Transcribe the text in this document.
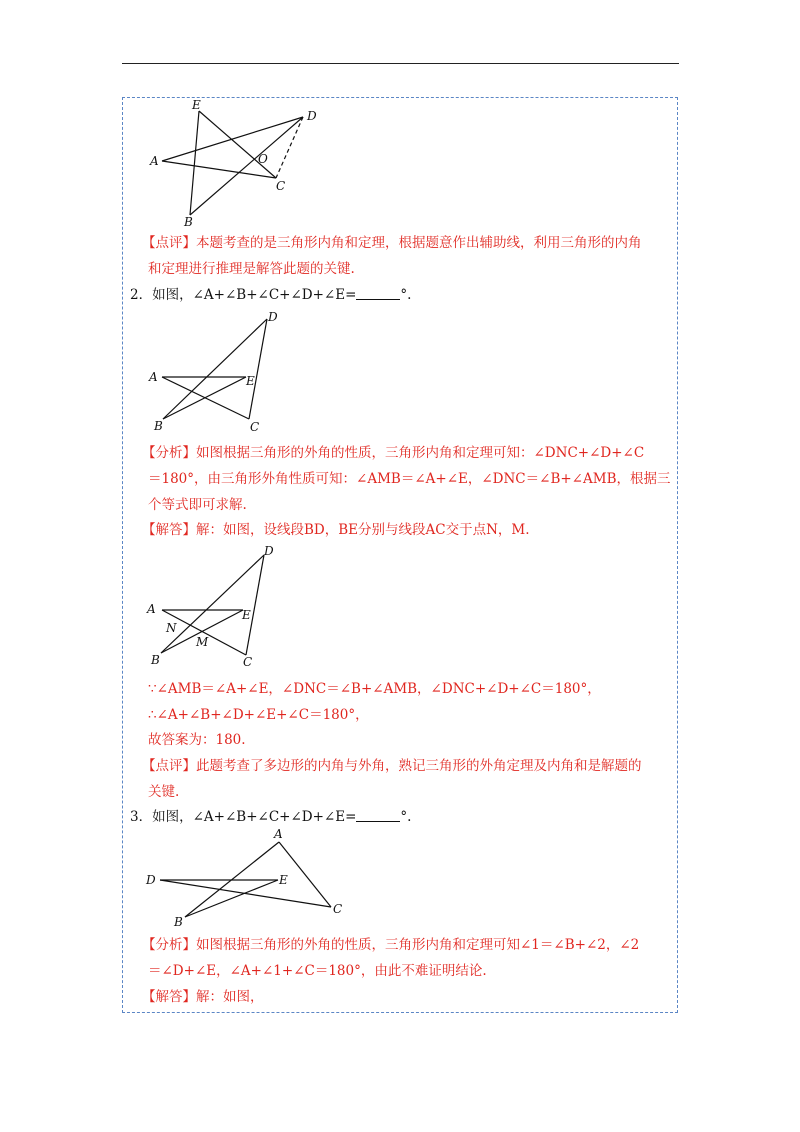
E
D
A	O
C
B
【点评】本题考查的是三角形内角和定理，根据题意作出辅助线，利用三角形的内角
和定理进行推理是解答此题的关键.
2．如图，∠A+∠B+∠C+∠D+∠E=	°.
D
A	E
B	C
【分析】如图根据三角形的外角的性质，三角形内角和定理可知：∠DNC+∠D+∠C
＝180°，由三角形外角性质可知：∠AMB＝∠A+∠E，∠DNC＝∠B+∠AMB，根据三
个等式即可求解.
【解答】解：如图，设线段BD，BE分别与线段AC交于点N，M.
D
A	E
N
M
B	C
∵∠AMB＝∠A+∠E，∠DNC＝∠B+∠AMB，∠DNC+∠D+∠C＝180°，
∴∠A+∠B+∠D+∠E+∠C＝180°，
故答案为：180.
【点评】此题考查了多边形的内角与外角，熟记三角形的外角定理及内角和是解题的
关键.
3．如图，∠A+∠B+∠C+∠D+∠E=	°.
A
D	E
B
C
【分析】如图根据三角形的外角的性质，三角形内角和定理可知∠1＝∠B+∠2，∠2
＝∠D+∠E，∠A+∠1+∠C＝180°，由此不难证明结论.
【解答】解：如图，
